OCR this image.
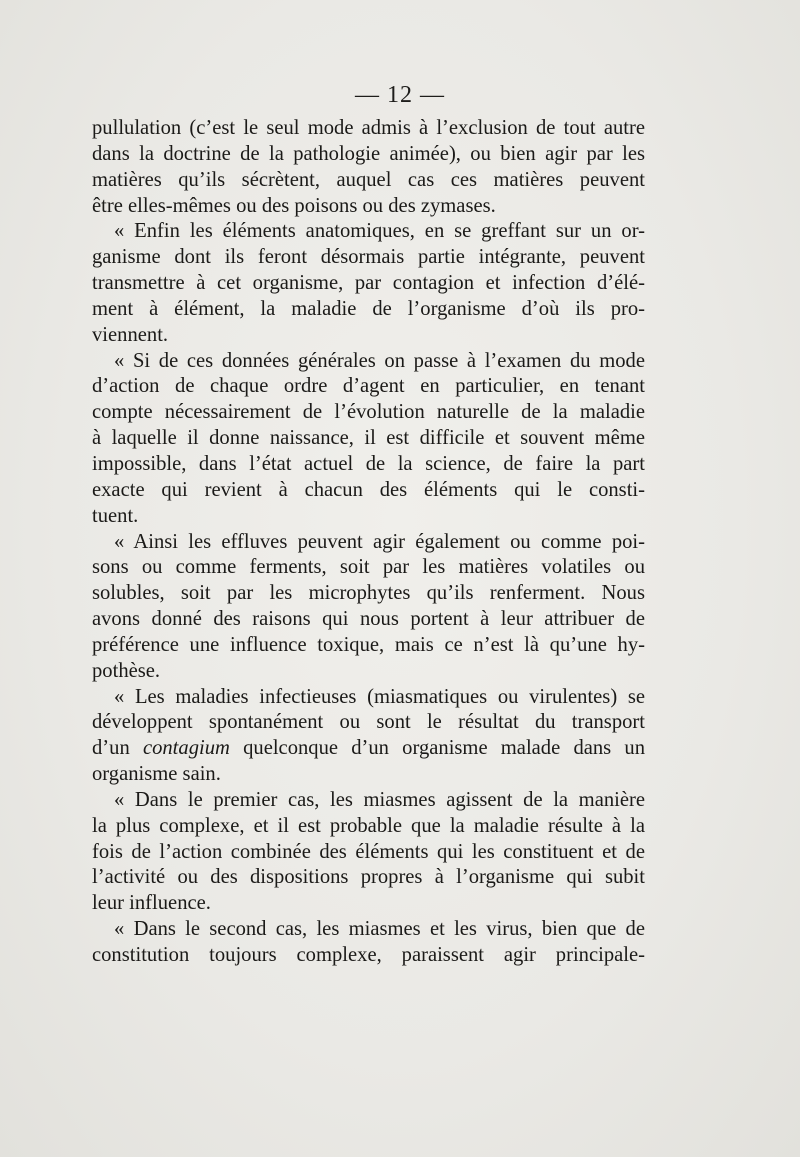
— 12 —
pullulation (c’est le seul mode admis à l’exclusion de tout autre
dans la doctrine de la pathologie animée), ou bien agir par les
matières qu’ils sécrètent, auquel cas ces matières peuvent
être elles-mêmes ou des poisons ou des zymases.
« Enfin les éléments anatomiques, en se greffant sur un or-
ganisme dont ils feront désormais partie intégrante, peuvent
transmettre à cet organisme, par contagion et infection d’élé-
ment à élément, la maladie de l’organisme d’où ils pro-
viennent.
« Si de ces données générales on passe à l’examen du mode
d’action de chaque ordre d’agent en particulier, en tenant
compte nécessairement de l’évolution naturelle de la maladie
à laquelle il donne naissance, il est difficile et souvent même
impossible, dans l’état actuel de la science, de faire la part
exacte qui revient à chacun des éléments qui le consti-
tuent.
« Ainsi les effluves peuvent agir également ou comme poi-
sons ou comme ferments, soit par les matières volatiles ou
solubles, soit par les microphytes qu’ils renferment. Nous
avons donné des raisons qui nous portent à leur attribuer de
préférence une influence toxique, mais ce n’est là qu’une hy-
pothèse.
« Les maladies infectieuses (miasmatiques ou virulentes) se
développent spontanément ou sont le résultat du transport
d’un contagium quelconque d’un organisme malade dans un
organisme sain.
« Dans le premier cas, les miasmes agissent de la manière
la plus complexe, et il est probable que la maladie résulte à la
fois de l’action combinée des éléments qui les constituent et de
l’activité ou des dispositions propres à l’organisme qui subit
leur influence.
« Dans le second cas, les miasmes et les virus, bien que de
constitution toujours complexe, paraissent agir principale-
